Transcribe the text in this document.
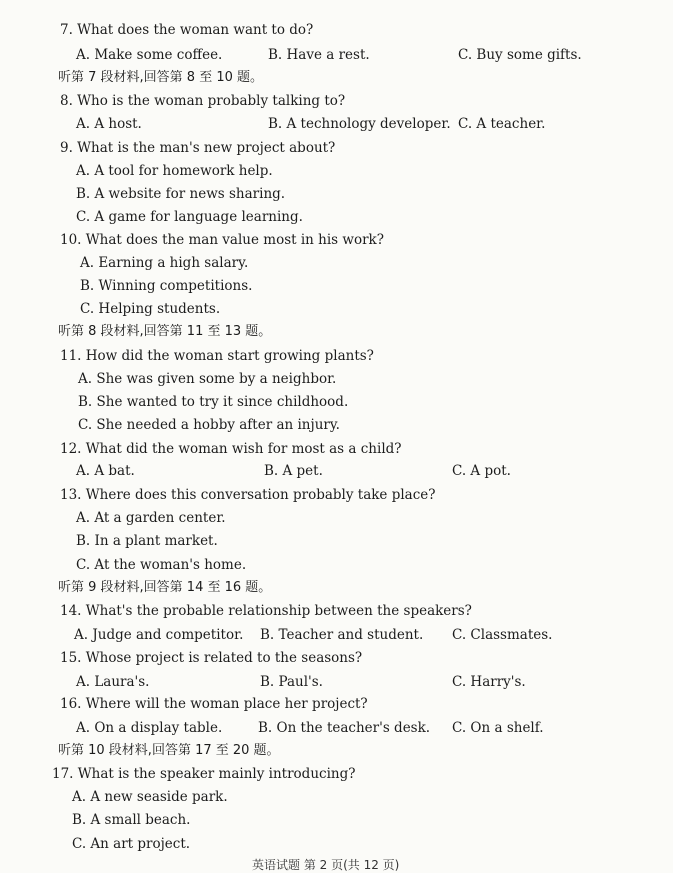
7. What does the woman want to do?
A. Make some coffee.	B. Have a rest.	C. Buy some gifts.
听第 7 段材料,回答第 8 至 10 题。
8. Who is the woman probably talking to?
A. A host.	B. A technology developer. C. A teacher.
9. What is the man's new project about?
A. A tool for homework help.
B. A website for news sharing.
C. A game for language learning.
10. What does the man value most in his work?
A. Earning a high salary.
B. Winning competitions.
C. Helping students.
听第 8 段材料,回答第 11 至 13 题。
11. How did the woman start growing plants?
A. She was given some by a neighbor.
B. She wanted to try it since childhood.
C. She needed a hobby after an injury.
12. What did the woman wish for most as a child?
A. A bat.	B. A pet.	C. A pot.
13. Where does this conversation probably take place?
A. At a garden center.
B. In a plant market.
C. At the woman's home.
听第 9 段材料,回答第 14 至 16 题。
14. What's the probable relationship between the speakers?
A. Judge and competitor. B. Teacher and student. C. Classmates.
15. Whose project is related to the seasons?
A. Laura's.	B. Paul's.	C. Harry's.
16. Where will the woman place her project?
A. On a display table.	B. On the teacher's desk. C. On a shelf.
听第 10 段材料,回答第 17 至 20 题。
17. What is the speaker mainly introducing?
A. A new seaside park.
B. A small beach.
C. An art project.
英语试题 第 2 页(共 12 页)
